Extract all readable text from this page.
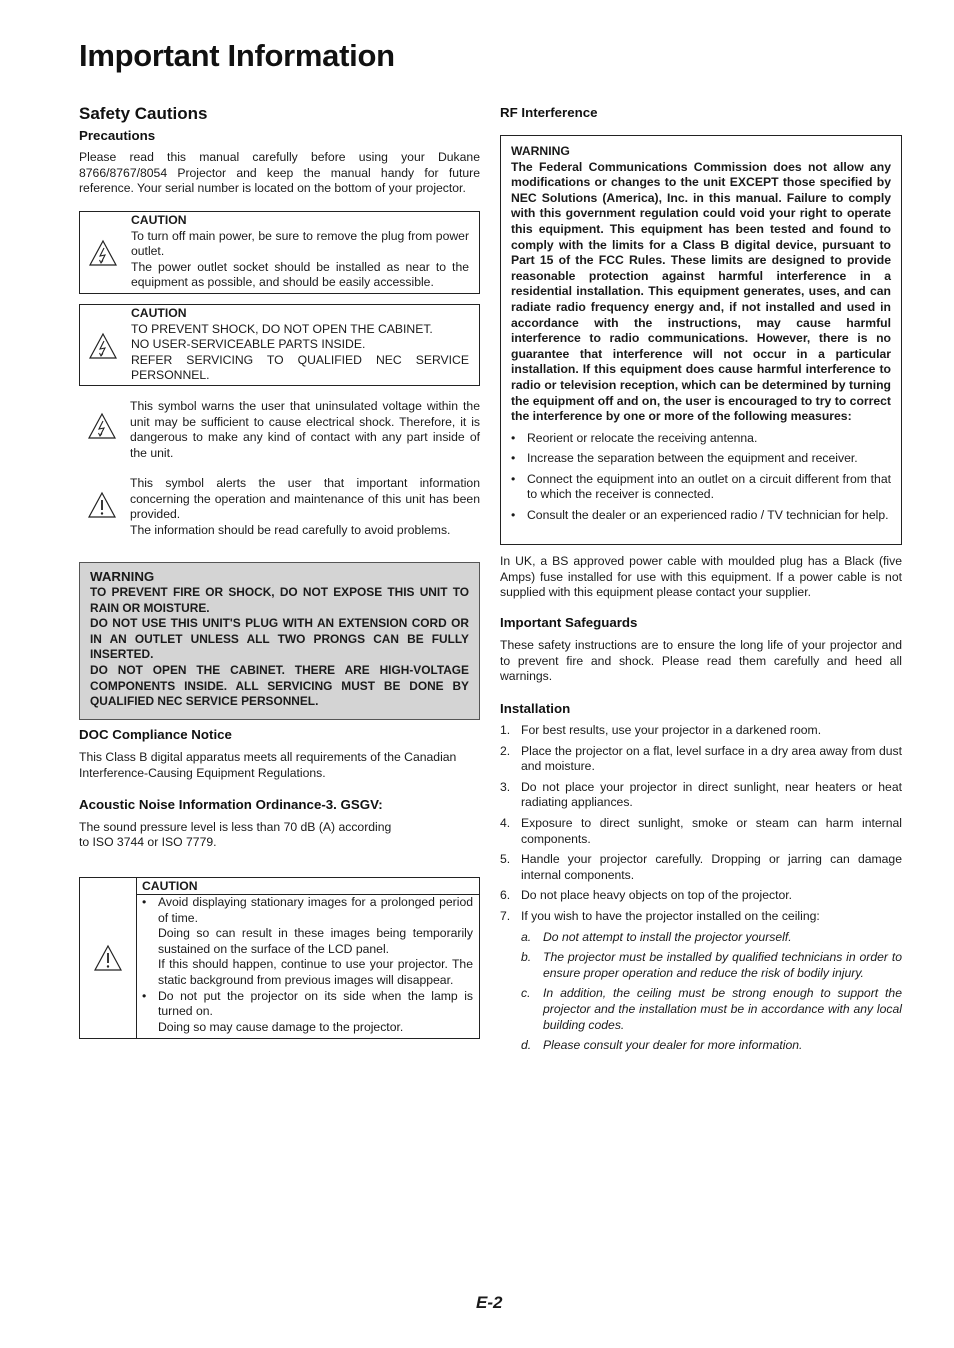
Important Information
Safety Cautions
Precautions

Please read this manual carefully before using your Dukane 8766/8767/8054 Projector and keep the manual handy for future reference. Your serial number is located on the bottom of your projector.

CAUTION
To turn off main power, be sure to remove the plug from power outlet.
The power outlet socket should be installed as near to the equipment as possible, and should be easily accessible.
CAUTION
TO PREVENT SHOCK, DO NOT OPEN THE CABINET.
NO USER-SERVICEABLE PARTS INSIDE.
REFER SERVICING TO QUALIFIED NEC SERVICE PERSONNEL.
This symbol warns the user that uninsulated voltage within the unit may be sufficient to cause electrical shock. Therefore, it is dangerous to make any kind of contact with any part inside of the unit.
This symbol alerts the user that important information concerning the operation and maintenance of this unit has been provided.
The information should be read carefully to avoid problems.
WARNING
TO PREVENT FIRE OR SHOCK, DO NOT EXPOSE THIS UNIT TO RAIN OR MOISTURE.
DO NOT USE THIS UNIT'S PLUG WITH AN EXTENSION CORD OR IN AN OUTLET UNLESS ALL TWO PRONGS CAN BE FULLY INSERTED.
DO NOT OPEN THE CABINET. THERE ARE HIGH-VOLTAGE COMPONENTS INSIDE. ALL SERVICING MUST BE DONE BY QUALIFIED NEC SERVICE PERSONNEL.
DOC Compliance Notice

This Class B digital apparatus meets all requirements of the Canadian Interference-Causing Equipment Regulations.

Acoustic Noise Information Ordinance-3. GSGV:

The sound pressure level is less than 70 dB (A) according

to ISO 3744 or ISO 7779.

CAUTION
• Avoid displaying stationary images for a prolonged period of time.
Doing so can result in these images being temporarily sustained on the surface of the LCD panel.
If this should happen, continue to use your projector. The static background from previous images will disappear.
• Do not put the projector on its side when the lamp is turned on.
Doing so may cause damage to the projector.
RF Interference
WARNING
The Federal Communications Commission does not allow any modifications or changes to the unit EXCEPT those specified by NEC Solutions (America), Inc. in this manual. Failure to comply with this government regulation could void your right to operate this equipment. This equipment has been tested and found to comply with the limits for a Class B digital device, pursuant to Part 15 of the FCC Rules. These limits are designed to provide reasonable protection against harmful interference in a residential installation. This equipment generates, uses, and can radiate radio frequency energy and, if not installed and used in accordance with the instructions, may cause harmful interference to radio communications. However, there is no guarantee that interference will not occur in a particular installation. If this equipment does cause harmful interference to radio or television reception, which can be determined by turning the equipment off and on, the user is encouraged to try to correct the interference by one or more of the following measures:
• Reorient or relocate the receiving antenna.
• Increase the separation between the equipment and receiver.
• Connect the equipment into an outlet on a circuit different from that to which the receiver is connected.
• Consult the dealer or an experienced radio / TV technician for help.

In UK, a BS approved power cable with moulded plug has a Black (five Amps) fuse installed for use with this equipment. If a power cable is not supplied with this equipment please contact your supplier.

Important Safeguards

These safety instructions are to ensure the long life of your projector and to prevent fire and shock. Please read them carefully and heed all warnings.

Installation
1. For best results, use your projector in a darkened room.
2. Place the projector on a flat, level surface in a dry area away from dust and moisture.
3. Do not place your projector in direct sunlight, near heaters or heat radiating appliances.
4. Exposure to direct sunlight, smoke or steam can harm internal components.
5. Handle your projector carefully. Dropping or jarring can damage internal components.
6. Do not place heavy objects on top of the projector.
7. If you wish to have the projector installed on the ceiling:
a. Do not attempt to install the projector yourself.
b. The projector must be installed by qualified technicians in order to ensure proper operation and reduce the risk of bodily injury.
c. In addition, the ceiling must be strong enough to support the projector and the installation must be in accordance with any local building codes.
d. Please consult your dealer for more information.
E-2
